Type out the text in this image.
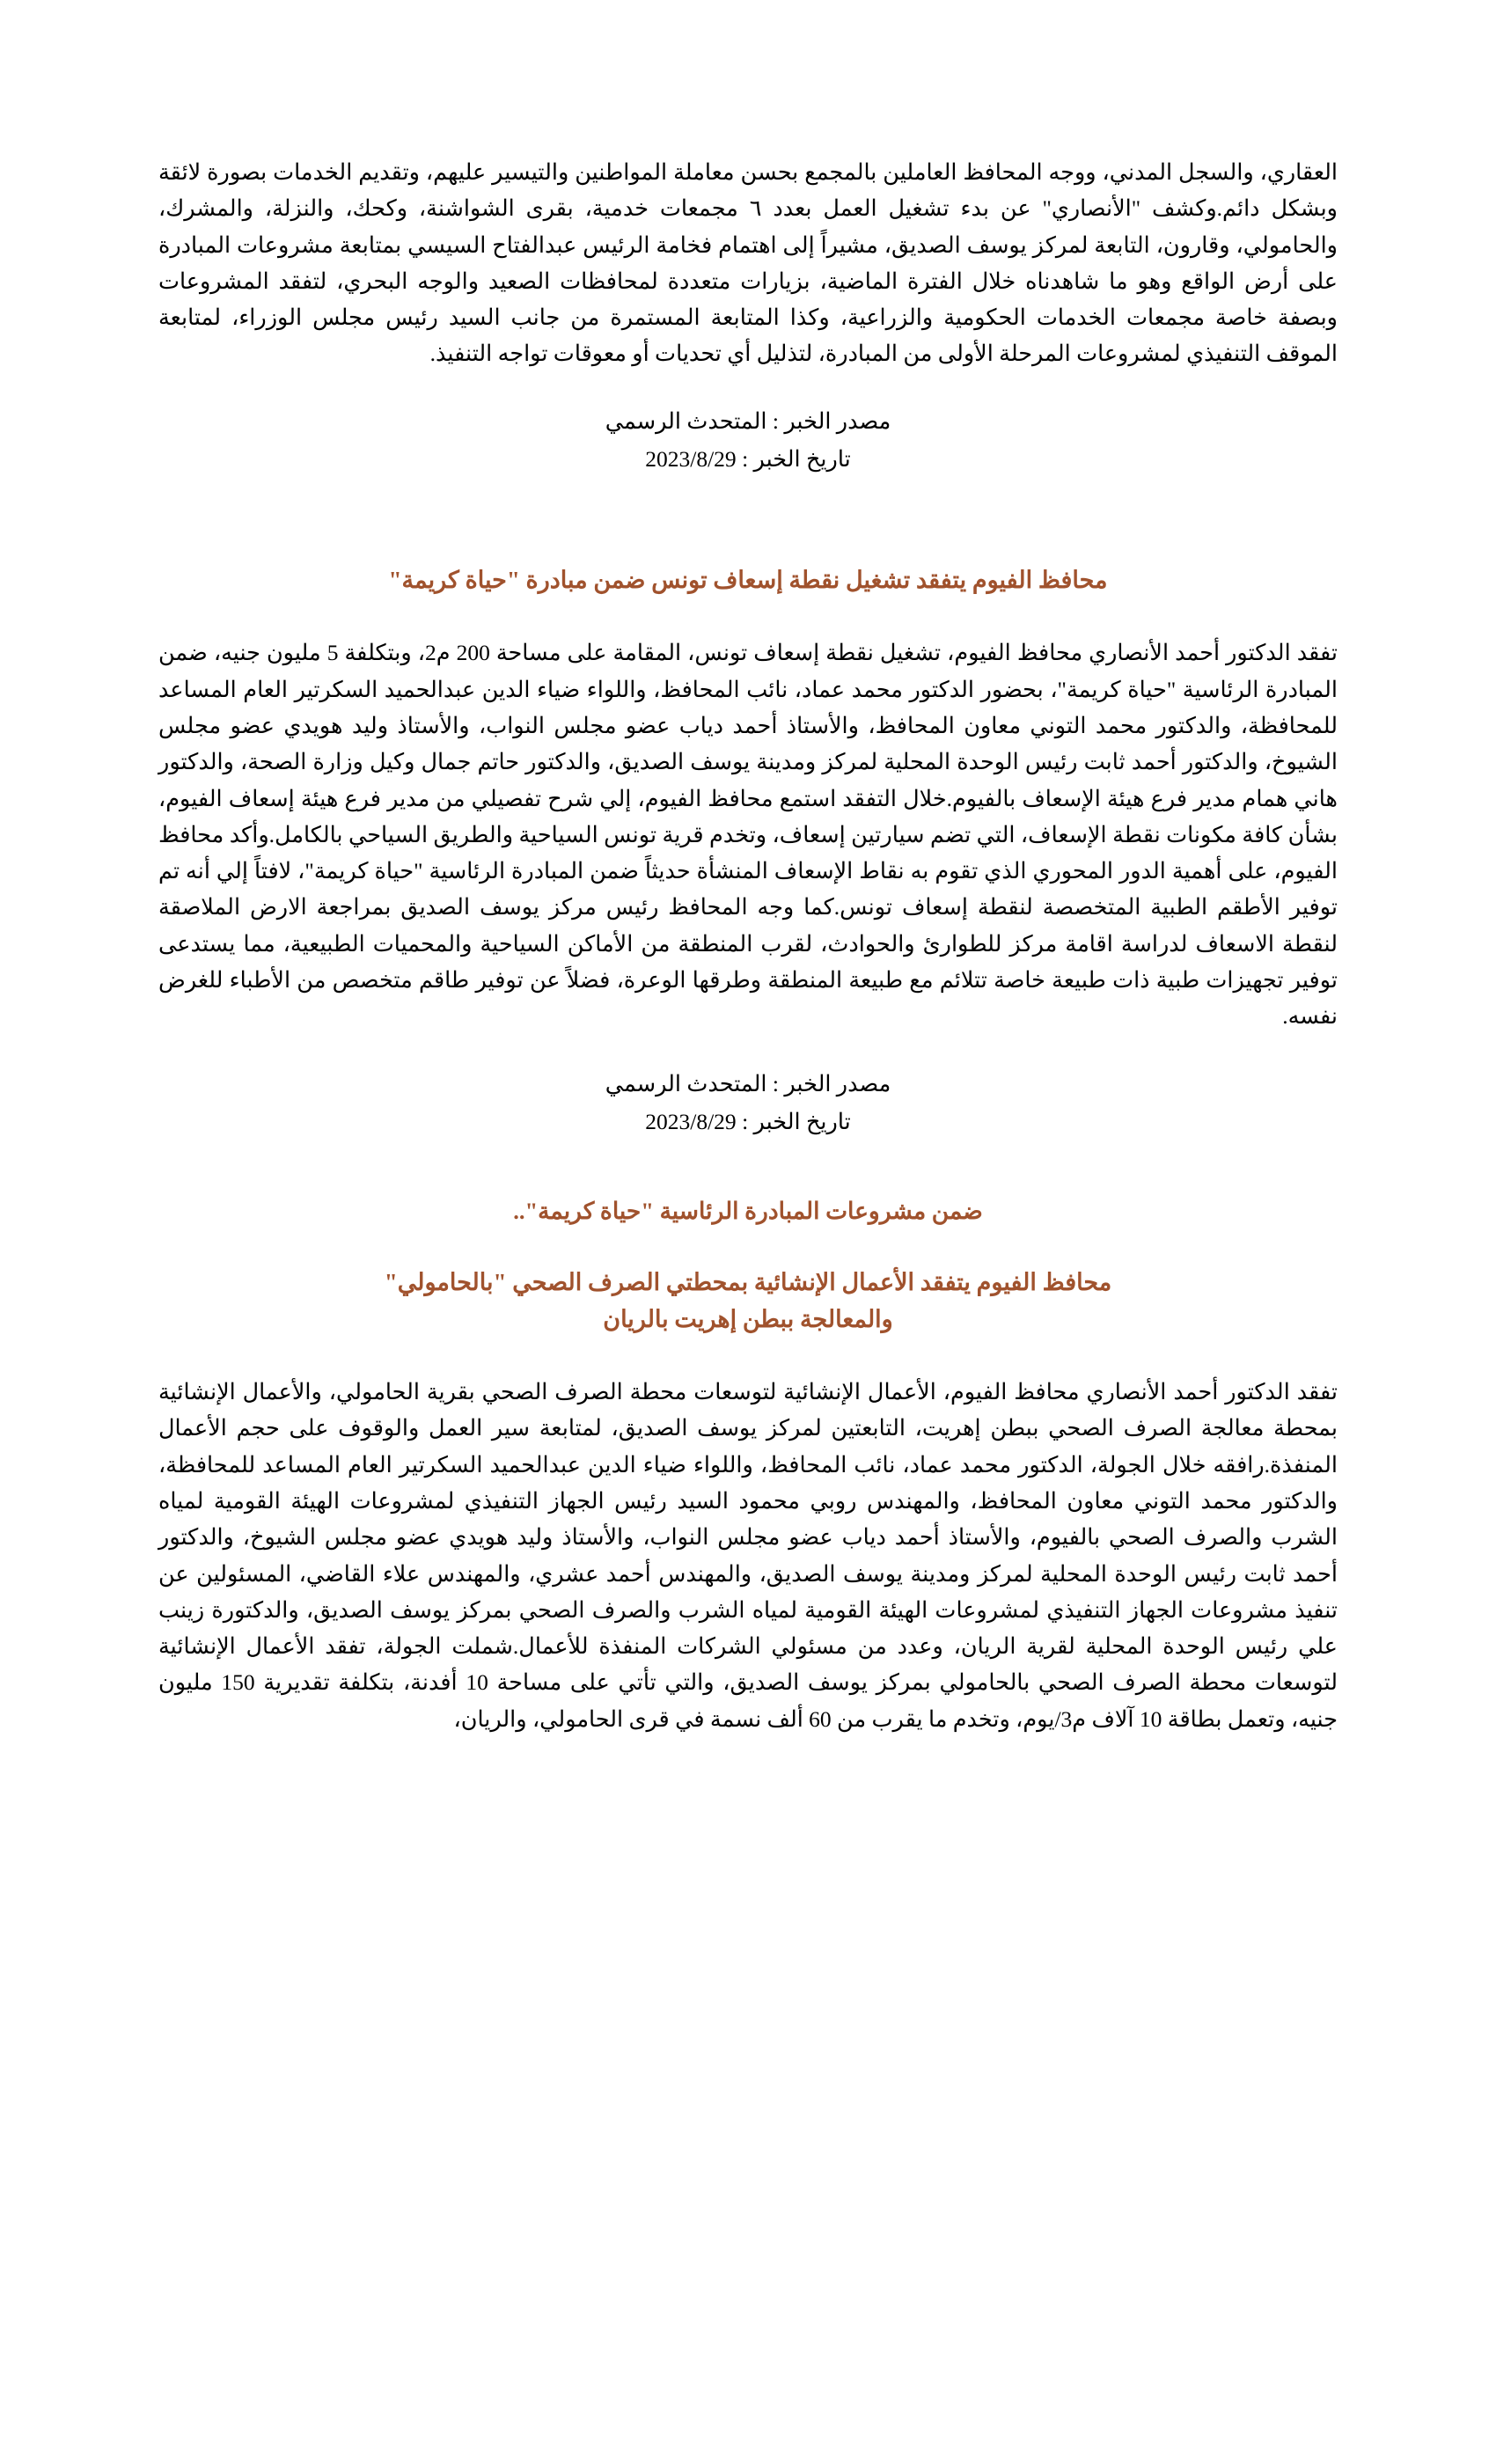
العقاري، والسجل المدني، ووجه المحافظ العاملين بالمجمع بحسن معاملة المواطنين والتيسير عليهم، وتقديم الخدمات بصورة لائقة وبشكل دائم.وكشف "الأنصاري" عن بدء تشغيل العمل بعدد ٦ مجمعات خدمية، بقرى الشواشنة، وكحك، والنزلة، والمشرك، والحامولي، وقارون، التابعة لمركز يوسف الصديق، مشيراً إلى اهتمام فخامة الرئيس عبدالفتاح السيسي بمتابعة مشروعات المبادرة على أرض الواقع وهو ما شاهدناه خلال الفترة الماضية، بزيارات متعددة لمحافظات الصعيد والوجه البحري، لتفقد المشروعات وبصفة خاصة مجمعات الخدمات الحكومية والزراعية، وكذا المتابعة المستمرة من جانب السيد رئيس مجلس الوزراء، لمتابعة الموقف التنفيذي لمشروعات المرحلة الأولى من المبادرة، لتذليل أي تحديات أو معوقات تواجه التنفيذ.

مصدر الخبر : المتحدث الرسمي
تاريخ الخبر : 2023/8/29
محافظ الفيوم يتفقد تشغيل نقطة إسعاف تونس ضمن مبادرة "حياة كريمة"

تفقد الدكتور أحمد الأنصاري محافظ الفيوم، تشغيل نقطة إسعاف تونس، المقامة على مساحة 200 م2، وبتكلفة 5 مليون جنيه، ضمن المبادرة الرئاسية "حياة كريمة"، بحضور الدكتور محمد عماد، نائب المحافظ، واللواء ضياء الدين عبدالحميد السكرتير العام المساعد للمحافظة، والدكتور محمد التوني معاون المحافظ، والأستاذ أحمد دياب عضو مجلس النواب، والأستاذ وليد هويدي عضو مجلس الشيوخ، والدكتور أحمد ثابت رئيس الوحدة المحلية لمركز ومدينة يوسف الصديق، والدكتور حاتم جمال وكيل وزارة الصحة، والدكتور هاني همام مدير فرع هيئة الإسعاف بالفيوم.خلال التفقد استمع محافظ الفيوم، إلي شرح تفصيلي من مدير فرع هيئة إسعاف الفيوم، بشأن كافة مكونات نقطة الإسعاف، التي تضم سيارتين إسعاف، وتخدم قرية تونس السياحية والطريق السياحي بالكامل.وأكد محافظ الفيوم، على أهمية الدور المحوري الذي تقوم به نقاط الإسعاف المنشأة حديثاً ضمن المبادرة الرئاسية "حياة كريمة"، لافتاً إلي أنه تم توفير الأطقم الطبية المتخصصة لنقطة إسعاف تونس.كما وجه المحافظ رئيس مركز يوسف الصديق بمراجعة الارض الملاصقة لنقطة الاسعاف لدراسة اقامة مركز للطوارئ والحوادث، لقرب المنطقة من الأماكن السياحية والمحميات الطبيعية، مما يستدعى توفير تجهيزات طبية ذات طبيعة خاصة تتلائم مع طبيعة المنطقة وطرقها الوعرة، فضلاً عن توفير طاقم متخصص من الأطباء للغرض نفسه.

مصدر الخبر : المتحدث الرسمي
تاريخ الخبر : 2023/8/29
ضمن مشروعات المبادرة الرئاسية "حياة كريمة"..
محافظ الفيوم يتفقد الأعمال الإنشائية بمحطتي الصرف الصحي "بالحامولي"
والمعالجة ببطن إهريت بالريان

تفقد الدكتور أحمد الأنصاري محافظ الفيوم، الأعمال الإنشائية لتوسعات محطة الصرف الصحي بقرية الحامولي، والأعمال الإنشائية بمحطة معالجة الصرف الصحي ببطن إهريت، التابعتين لمركز يوسف الصديق، لمتابعة سير العمل والوقوف على حجم الأعمال المنفذة.رافقه خلال الجولة، الدكتور محمد عماد، نائب المحافظ، واللواء ضياء الدين عبدالحميد السكرتير العام المساعد للمحافظة، والدكتور محمد التوني معاون المحافظ، والمهندس روبي محمود السيد رئيس الجهاز التنفيذي لمشروعات الهيئة القومية لمياه الشرب والصرف الصحي بالفيوم، والأستاذ أحمد دياب عضو مجلس النواب، والأستاذ وليد هويدي عضو مجلس الشيوخ، والدكتور أحمد ثابت رئيس الوحدة المحلية لمركز ومدينة يوسف الصديق، والمهندس أحمد عشري، والمهندس علاء القاضي، المسئولين عن تنفيذ مشروعات الجهاز التنفيذي لمشروعات الهيئة القومية لمياه الشرب والصرف الصحي بمركز يوسف الصديق، والدكتورة زينب علي رئيس الوحدة المحلية لقرية الريان، وعدد من مسئولي الشركات المنفذة للأعمال.شملت الجولة، تفقد الأعمال الإنشائية لتوسعات محطة الصرف الصحي بالحامولي بمركز يوسف الصديق، والتي تأتي على مساحة 10 أفدنة، بتكلفة تقديرية 150 مليون جنيه، وتعمل بطاقة 10 آلاف م3/يوم، وتخدم ما يقرب من 60 ألف نسمة في قرى الحامولي، والريان،
